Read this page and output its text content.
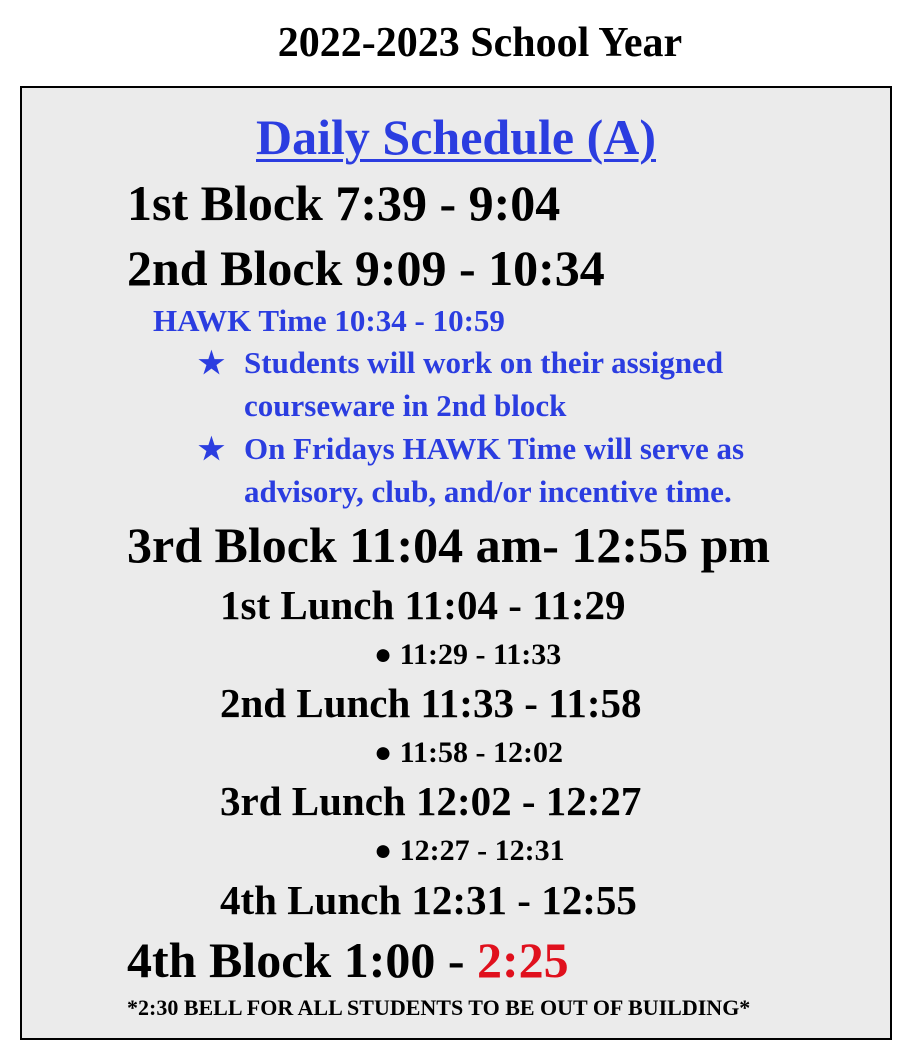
2022-2023 School Year
Daily Schedule (A)
1st Block 7:39 - 9:04
2nd Block 9:09 - 10:34
HAWK Time 10:34 - 10:59
★ Students will work on their assigned
courseware in 2nd block
★ On Fridays HAWK Time will serve as
advisory, club, and/or incentive time.
3rd Block 11:04 am- 12:55 pm
1st Lunch 11:04 - 11:29
● 11:29 - 11:33
2nd Lunch 11:33 - 11:58
● 11:58 - 12:02
3rd Lunch 12:02 - 12:27
● 12:27 - 12:31
4th Lunch 12:31 - 12:55
4th Block 1:00 - 2:25
*2:30 BELL FOR ALL STUDENTS TO BE OUT OF BUILDING*
